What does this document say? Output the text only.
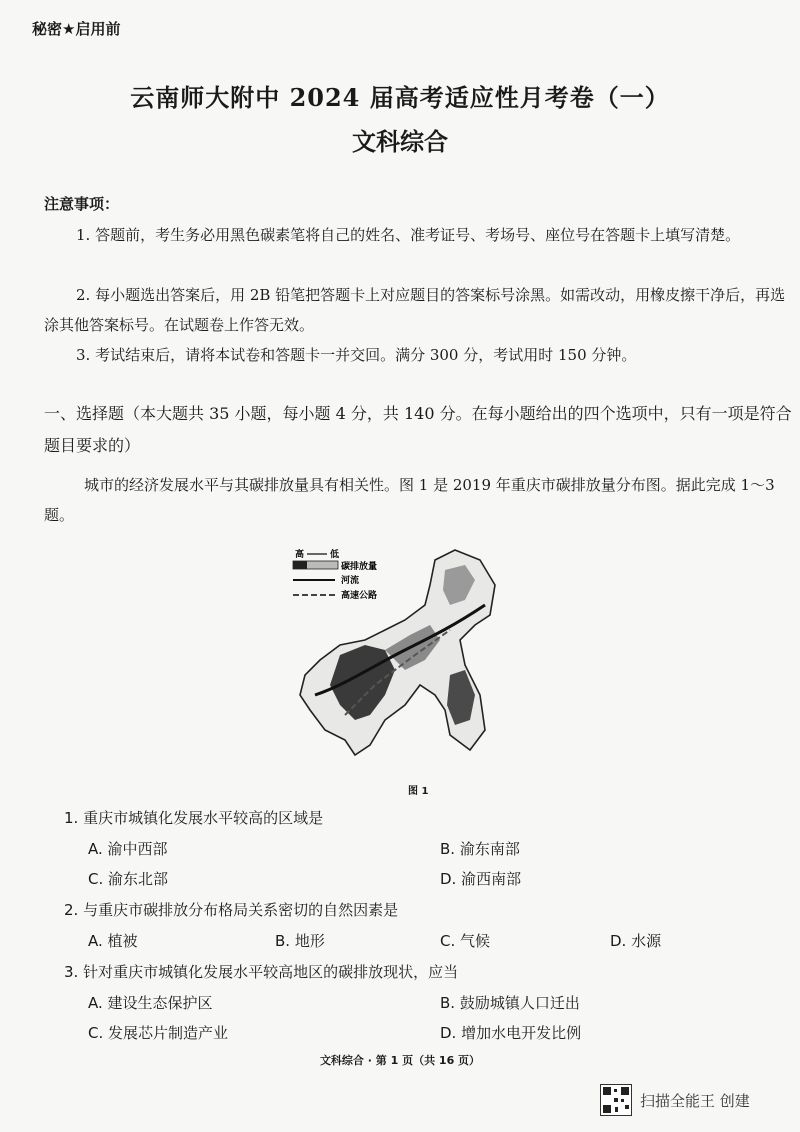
秘密★启用前
云南师大附中 2024 届高考适应性月考卷（一）
文科综合
注意事项：
1. 答题前，考生务必用黑色碳素笔将自己的姓名、准考证号、考场号、座位号在答题卡上填写清楚。
2. 每小题选出答案后，用 2B 铅笔把答题卡上对应题目的答案标号涂黑。如需改动，用橡皮擦干净后，再选涂其他答案标号。在试题卷上作答无效。
3. 考试结束后，请将本试卷和答题卡一并交回。满分 300 分，考试用时 150 分钟。
一、选择题（本大题共 35 小题，每小题 4 分，共 140 分。在每小题给出的四个选项中，只有一项是符合题目要求的）
城市的经济发展水平与其碳排放量具有相关性。图 1 是 2019 年重庆市碳排放量分布图。据此完成 1～3 题。
高	低
碳排放量
河流
高速公路
图 1
1. 重庆市城镇化发展水平较高的区域是
A. 渝中西部	B. 渝东南部
C. 渝东北部	D. 渝西南部
2. 与重庆市碳排放分布格局关系密切的自然因素是
A. 植被	B. 地形	C. 气候	D. 水源
3. 针对重庆市城镇化发展水平较高地区的碳排放现状，应当
A. 建设生态保护区	B. 鼓励城镇人口迁出
C. 发展芯片制造产业	D. 增加水电开发比例
文科综合 · 第 1 页（共 16 页）
扫描全能王 创建
